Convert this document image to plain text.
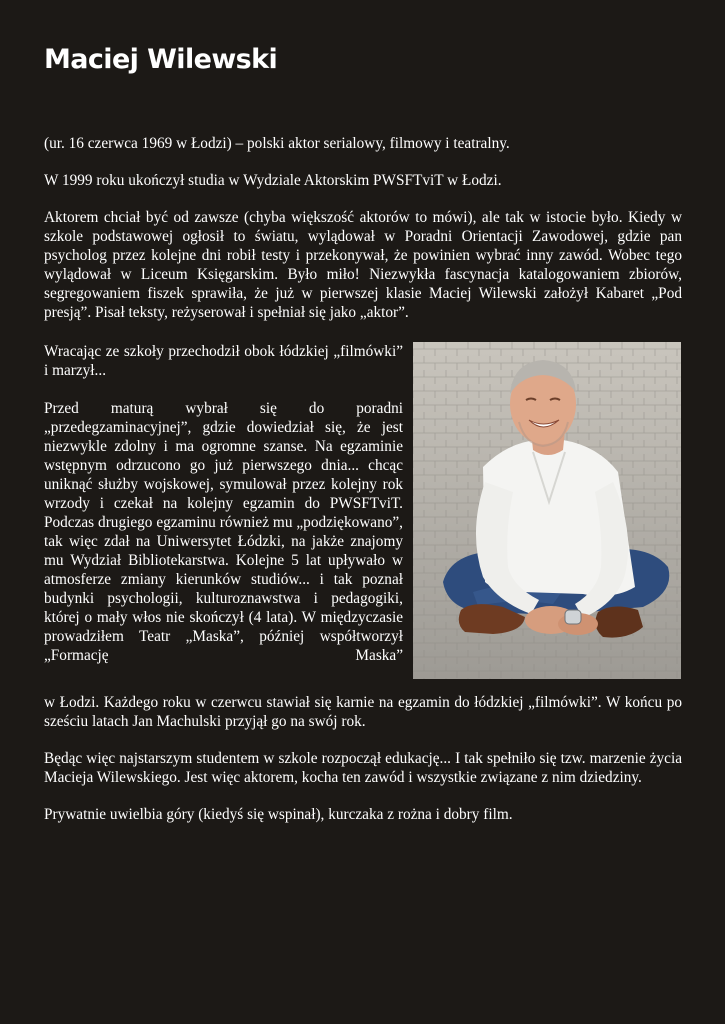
Maciej Wilewski

(ur. 16 czerwca 1969 w Łodzi) – polski aktor serialowy, filmowy i teatralny.

W 1999 roku ukończył studia w Wydziale Aktorskim PWSFTviT w Łodzi.

Aktorem chciał być od zawsze (chyba większość aktorów to mówi), ale tak w istocie było. Kiedy w szkole podstawowej ogłosił to światu, wylądował w Poradni Orientacji Zawodowej, gdzie pan psycholog przez kolejne dni robił testy i przekonywał, że powinien wybrać inny zawód. Wobec tego wylądował w Liceum Księgarskim. Było miło! Niezwykła fascynacja katalogowaniem zbiorów, segregowaniem fiszek sprawiła, że już w pierwszej klasie Maciej Wilewski założył Kabaret „Pod presją”. Pisał teksty, reżyserował i spełniał się jako „aktor”.

Wracając ze szkoły przechodził obok łódzkiej „filmówki” i marzył...

Przed maturą wybrał się do poradni „przedegzaminacyjnej”, gdzie dowiedział się, że jest niezwykle zdolny i ma ogromne szanse. Na egzaminie wstępnym odrzucono go już pierwszego dnia... chcąc uniknąć służby wojskowej, symulował przez kolejny rok wrzody i czekał na kolejny egzamin do PWSFTviT. Podczas drugiego egzaminu również mu „podziękowano”, tak więc zdał na Uniwersytet Łódzki, na jakże znajomy mu Wydział Bibliotekarstwa. Kolejne 5 lat upływało w atmosferze zmiany kierunków studiów... i tak poznał budynki psychologii, kulturoznawstwa i pedagogiki, której o mały włos nie skończył (4 lata). W międzyczasie prowadziłem Teatr „Maska”, później współtworzył „Formację Maska”

w Łodzi. Każdego roku w czerwcu stawiał się karnie na egzamin do łódzkiej „filmówki”. W końcu po sześciu latach Jan Machulski przyjął go na swój rok.

Będąc więc najstarszym studentem w szkole rozpoczął edukację... I tak spełniło się tzw. marzenie życia Macieja Wilewskiego. Jest więc aktorem, kocha ten zawód i wszystkie związane z nim dziedziny.

Prywatnie uwielbia góry (kiedyś się wspinał), kurczaka z rożna i dobry film.
